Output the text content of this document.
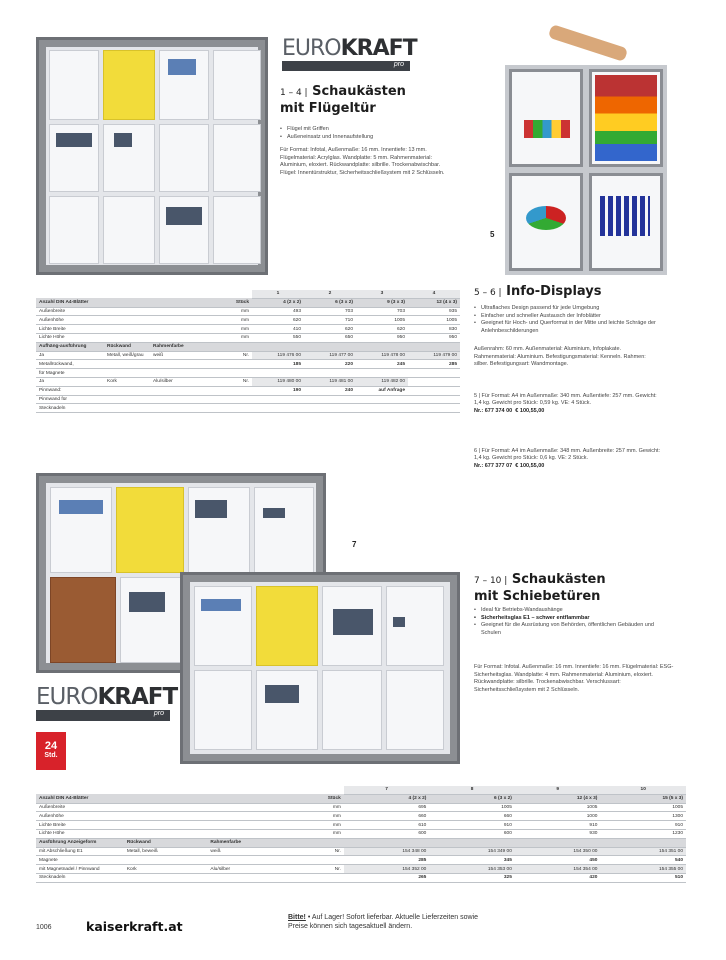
EUROKRAFT
pro
1 – 4 | Schaukästen
mit Flügeltür
• Flügel mit Griffen
• Außeneinsatz und Innenaufstellung
Für Format: Infotal, Außenmaße: 16 mm. Innentiefe: 13 mm. Flügelmaterial: Acrylglas. Wandplatte: 5 mm. Rahmenmaterial: Aluminium, eloxiert. Rückwandplatte: silbrille. Trockenabwischbar. Flügel: Innentürstruktur, Sicherheitsschließsystem mit 2 Schlüsseln.
5
5 – 6 | Info-Displays
• Ultraflaches Design passend für jede Umgebung
• Einfacher und schneller Austausch der Infoblätter
• Geeignet für Hoch- und Querformat in der Mitte und leichte Schräge der Anlehnbeschilderungen
Außenrahm: 60 mm. Außenmaterial: Aluminium, Infoplakate. Rahmenmaterial: Aluminium. Befestigungsmaterial: Kenneln. Rahmen: silber. Befestigungsart: Wandmontage.
5 | Für Format: A4 im Außenmaße: 340 mm. Außentiefe: 257 mm. Gewicht: 1,4 kg. Gewicht pro Stück: 0,59 kg. VE: 4 Stück.
Nr.: 677 374 00 € 100,55,00
6 | Für Format: A4 im Außenmaße: 348 mm. Außenbreite: 257 mm. Gewicht: 1,4 kg. Gewicht pro Stück: 0,6 kg. VE: 2 Stück.
Nr.: 677 377 07 € 100,55,00
				1	2	3	4
Anzahl DIN A4-Blätter			Stück	4 (2 x 2)	6 (3 x 2)	9 (3 x 3)	12 (4 x 3)
Außenbreite			mm	493	703	703	935
Außenhöhe			mm	620	710	1005	1005
Lichte Breite			mm	410	620	620	830
Lichte Höhe			mm	550	650	950	950
Aufhäng-ausführung	Rückwand	Rahmenfarbe					
Ja	Metall, weiß/grau	weiß	Nr.	119 476 00	119 477 00	119 478 00	119 479 00
Metallrückwand,				185	220	245	285
für Magnete							
Ja	Kork	Alu/silber	Nr.	119 480 00	119 481 00	119 482 00	
Pinnwand:				190	240	auf Anfrage	
Pinnwand für							
Stecknadeln							
7
EUROKRAFT
pro
24
Std.
7 – 10 | Schaukästen
mit Schiebetüren
• Ideal für Betriebs-Wandaushänge
• Sicherheitsglas E1 – schwer entflammbar
• Geeignet für die Ausrüstung von Behörden, öffentlichen Gebäuden und Schulen
Für Format: Infotal. Außenmaße: 16 mm. Innentiefe: 16 mm. Flügelmaterial: ESG-Sicherheitsglas. Wandplatte: 4 mm. Rahmenmaterial: Aluminium, eloxiert. Rückwandplatte: silbrille. Trockenabwischbar. Verschlussart: Sicherheitsschließsystem mit 2 Schlüsseln.
				7	8	9	10
Anzahl DIN A4-Blätter			Stück	4 (2 x 2)	6 (3 x 2)	12 (4 x 3)	15 (5 x 3)
Außenbreite			mm	695	1005	1005	1005
Außenhöhe			mm	660	660	1000	1300
Lichte Breite			mm	610	910	910	910
Lichte Höhe			mm	600	600	930	1230
Ausführung Anzeigeform	Rückwand	Rahmenfarbe					
mit Abschließung E1	Metall, beweiß	weiß	Nr.	154 348 00	154 349 00	154 350 00	154 351 00
Magnete				285	345	450	540
mit Magnetnadel / Pinnwand	Kork	Alu/silber	Nr.	154 352 00	154 353 00	154 354 00	154 355 00
Stecknadeln				265	325	420	510
1006	kaiserkraft.at
Bitte! • Auf Lager! Sofort lieferbar. Aktuelle Lieferzeiten sowie
Preise können sich tagesaktuell ändern.
